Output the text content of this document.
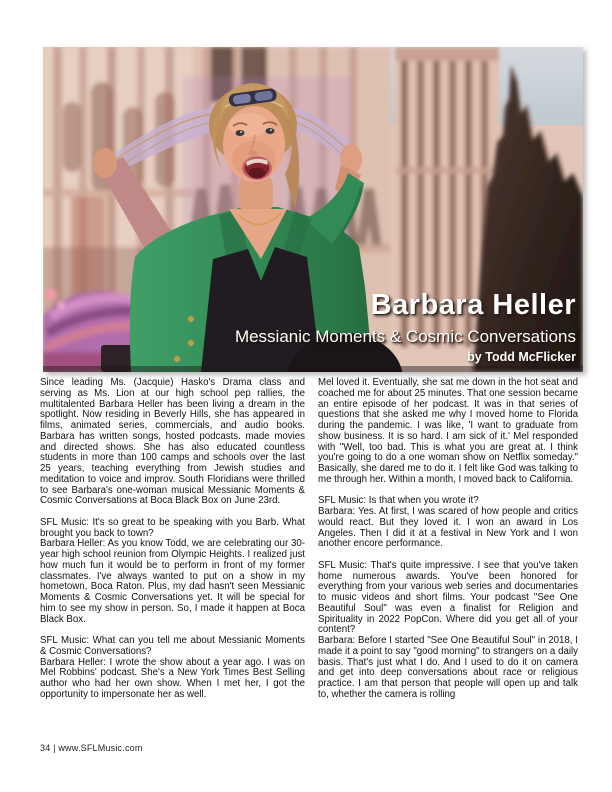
Barbara Heller
Messianic Moments & Cosmic Conversations
by Todd McFlicker

Since leading Ms. (Jacquie) Hasko's Drama class and serving as Ms. Lion at our high school pep rallies, the multitalented Barbara Heller has been living a dream in the spotlight. Now residing in Beverly Hills, she has appeared in films, animated series, commercials, and audio books. Barbara has written songs, hosted podcasts. made movies and directed shows. She has also educated countless students in more than 100 camps and schools over the last 25 years, teaching everything from Jewish studies and meditation to voice and improv. South Floridians were thrilled to see Barbara's one-woman musical Messianic Moments & Cosmic Conversations at Boca Black Box on June 23rd.

SFL Music: It's so great to be speaking with you Barb. What brought you back to town?

Barbara Heller: As you know Todd, we are celebrating our 30-year high school reunion from Olympic Heights. I realized just how much fun it would be to perform in front of my former classmates. I've always wanted to put on a show in my hometown, Boca Raton. Plus, my dad hasn't seen Messianic Moments & Cosmic Conversations yet. It will be special for him to see my show in person. So, I made it happen at Boca Black Box.

SFL Music: What can you tell me about Messianic Moments & Cosmic Conversations?

Barbara Heller: I wrote the show about a year ago. I was on Mel Robbins' podcast. She's a New York Times Best Selling author who had her own show. When I met her, I got the opportunity to impersonate her as well.

Mel loved it. Eventually, she sat me down in the hot seat and coached me for about 25 minutes. That one session became an entire episode of her podcast. It was in that series of questions that she asked me why I moved home to Florida during the pandemic. I was like, 'I want to graduate from show business. It is so hard. I am sick of it.' Mel responded with "Well, too bad. This is what you are great at. I think you're going to do a one woman show on Netflix someday." Basically, she dared me to do it. I felt like God was talking to me through her. Within a month, I moved back to California.

SFL Music: Is that when you wrote it?

Barbara: Yes. At first, I was scared of how people and critics would react. But they loved it. I won an award in Los Angeles. Then I did it at a festival in New York and I won another encore performance.

SFL Music: That's quite impressive. I see that you've taken home numerous awards. You've been honored for everything from your various web series and documentaries to music videos and short films. Your podcast "See One Beautiful Soul" was even a finalist for Religion and Spirituality in 2022 PopCon. Where did you get all of your content?

Barbara: Before I started "See One Beautiful Soul" in 2018, I made it a point to say "good morning" to strangers on a daily basis. That's just what I do. And I used to do it on camera and get into deep conversations about race or religious practice. I am that person that people will open up and talk to, whether the camera is rolling

34 | www.SFLMusic.com
